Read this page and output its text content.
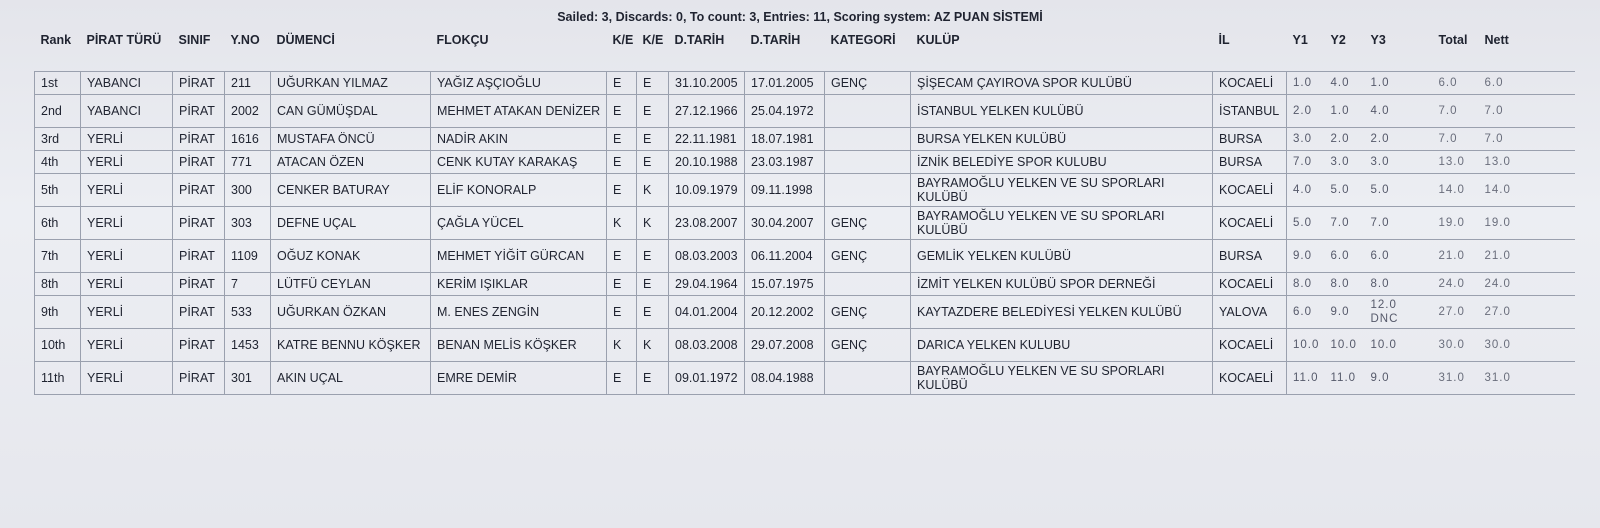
Sailed: 3, Discards: 0, To count: 3, Entries: 11, Scoring system: AZ PUAN SİSTEMİ
Rank	PİRAT TÜRÜ	SINIF	Y.NO	DÜMENCİ	FLOKÇU	K/E	K/E	D.TARİH	D.TARİH	KATEGORİ	KULÜP	İL	Y1	Y2	Y3	Total	Nett
1st	YABANCI	PİRAT	211	UĞURKAN YILMAZ	YAĞIZ AŞÇIOĞLU	E	E	31.10.2005	17.01.2005	GENÇ	ŞİŞECAM ÇAYIROVA SPOR KULÜBÜ	KOCAELİ	1.0	4.0	1.0	6.0	6.0
2nd	YABANCI	PİRAT	2002	CAN GÜMÜŞDAL	MEHMET ATAKAN DENİZER	E	E	27.12.1966	25.04.1972		İSTANBUL YELKEN KULÜBÜ	İSTANBUL	2.0	1.0	4.0	7.0	7.0
3rd	YERLİ	PİRAT	1616	MUSTAFA ÖNCÜ	NADİR AKIN	E	E	22.11.1981	18.07.1981		BURSA YELKEN KULÜBÜ	BURSA	3.0	2.0	2.0	7.0	7.0
4th	YERLİ	PİRAT	771	ATACAN ÖZEN	CENK KUTAY KARAKAŞ	E	E	20.10.1988	23.03.1987		İZNİK BELEDİYE SPOR KULUBU	BURSA	7.0	3.0	3.0	13.0	13.0
5th	YERLİ	PİRAT	300	CENKER BATURAY	ELİF KONORALP	E	K	10.09.1979	09.11.1998		BAYRAMOĞLU YELKEN VE SU SPORLARI KULÜBÜ	KOCAELİ	4.0	5.0	5.0	14.0	14.0
6th	YERLİ	PİRAT	303	DEFNE UÇAL	ÇAĞLA YÜCEL	K	K	23.08.2007	30.04.2007	GENÇ	BAYRAMOĞLU YELKEN VE SU SPORLARI KULÜBÜ	KOCAELİ	5.0	7.0	7.0	19.0	19.0
7th	YERLİ	PİRAT	1109	OĞUZ KONAK	MEHMET YİĞİT GÜRCAN	E	E	08.03.2003	06.11.2004	GENÇ	GEMLİK YELKEN KULÜBÜ	BURSA	9.0	6.0	6.0	21.0	21.0
8th	YERLİ	PİRAT	7	LÜTFÜ CEYLAN	KERİM IŞIKLAR	E	E	29.04.1964	15.07.1975		İZMİT YELKEN KULÜBÜ SPOR DERNEĞİ	KOCAELİ	8.0	8.0	8.0	24.0	24.0
9th	YERLİ	PİRAT	533	UĞURKAN ÖZKAN	M. ENES ZENGİN	E	E	04.01.2004	20.12.2002	GENÇ	KAYTAZDERE BELEDİYESİ YELKEN KULÜBÜ	YALOVA	6.0	9.0	12.0 DNC	27.0	27.0
10th	YERLİ	PİRAT	1453	KATRE BENNU KÖŞKER	BENAN MELİS KÖŞKER	K	K	08.03.2008	29.07.2008	GENÇ	DARICA YELKEN KULUBU	KOCAELİ	10.0	10.0	10.0	30.0	30.0
11th	YERLİ	PİRAT	301	AKIN UÇAL	EMRE DEMİR	E	E	09.01.1972	08.04.1988		BAYRAMOĞLU YELKEN VE SU SPORLARI KULÜBÜ	KOCAELİ	11.0	11.0	9.0	31.0	31.0
